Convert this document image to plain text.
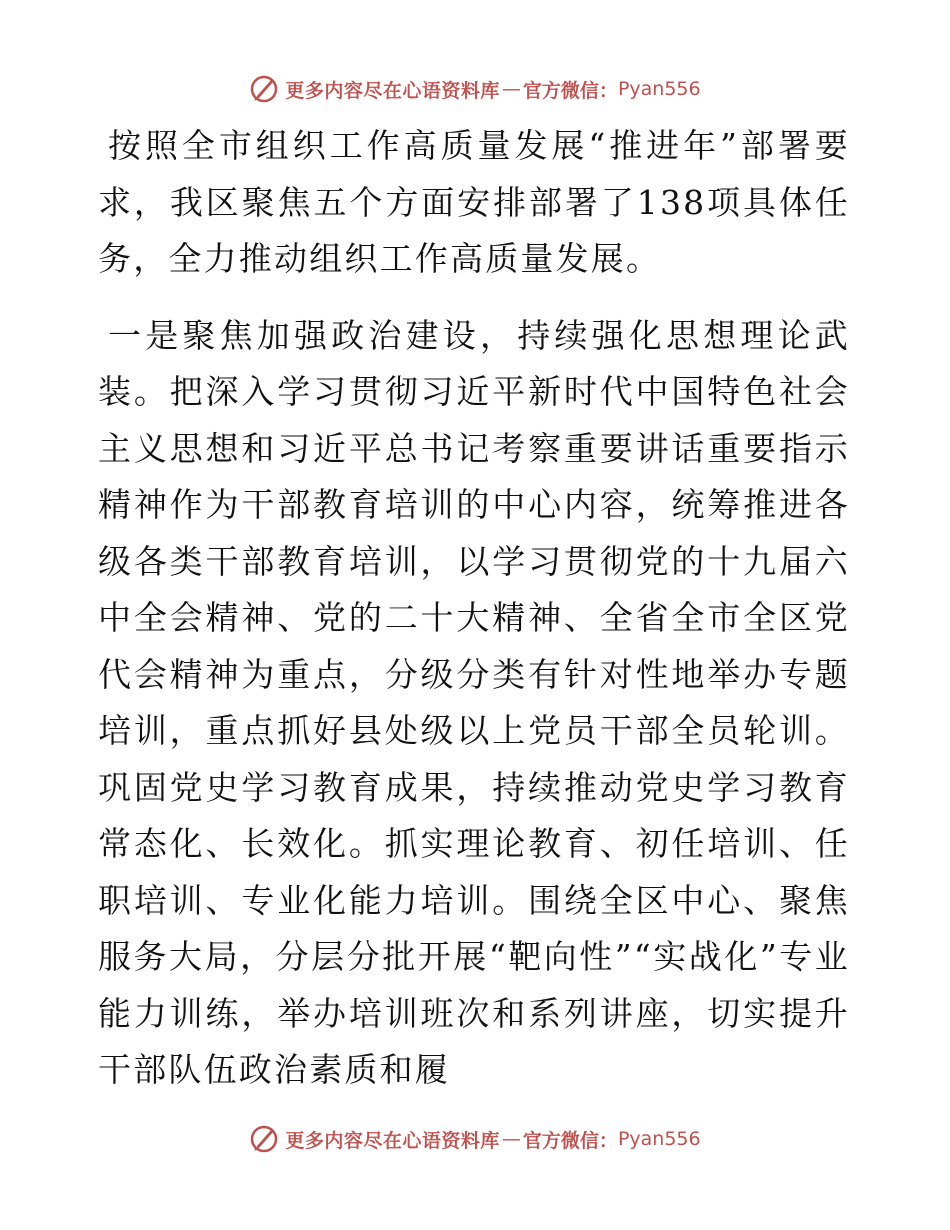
更多内容尽在心语资料库 — 官方微信： Pyan556

按照全市组织工作高质量发展“推进年”部署要求，我区聚焦五个方面安排部署了138项具体任务，全力推动组织工作高质量发展。

一是聚焦加强政治建设，持续强化思想理论武装。把深入学习贯彻习近平新时代中国特色社会主义思想和习近平总书记考察重要讲话重要指示精神作为干部教育培训的中心内容，统筹推进各级各类干部教育培训，以学习贯彻党的十九届六中全会精神、党的二十大精神、全省全市全区党代会精神为重点，分级分类有针对性地举办专题培训，重点抓好县处级以上党员干部全员轮训。巩固党史学习教育成果，持续推动党史学习教育常态化、长效化。抓实理论教育、初任培训、任职培训、专业化能力培训。围绕全区中心、聚焦服务大局，分层分批开展“靶向性”“实战化”专业能力训练，举办培训班次和系列讲座，切实提升干部队伍政治素质和履

更多内容尽在心语资料库 — 官方微信： Pyan556
